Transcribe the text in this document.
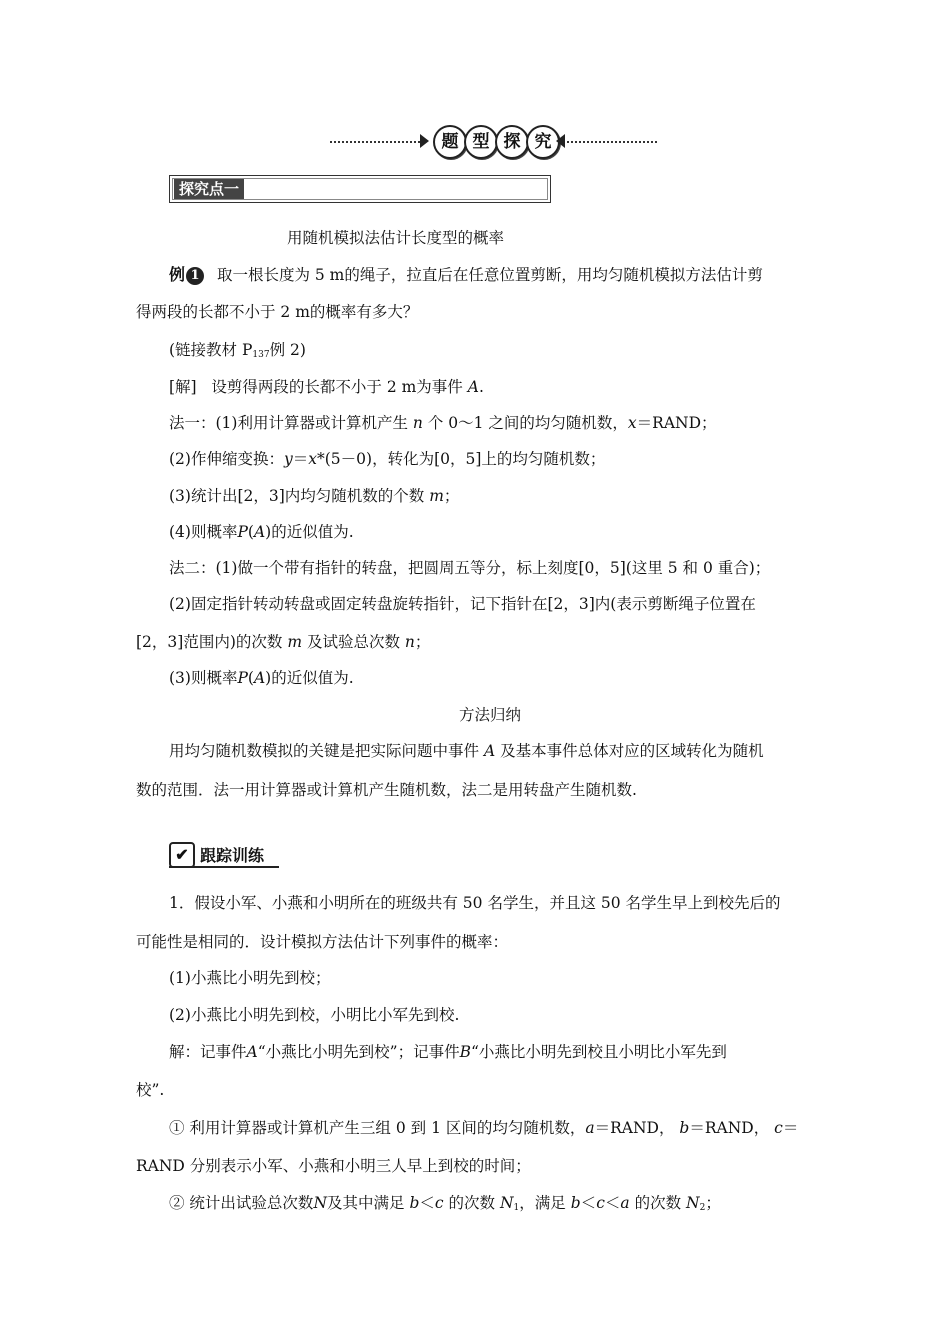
题 型 探 究
探究点一
用随机模拟法估计长度型的概率
例 1 取一根长度为 5 m的绳子，拉直后在任意位置剪断，用均匀随机模拟方法估计剪
得两段的长都不小于 2 m的概率有多大？
(链接教材 $P_{137}$例 2)
[解] 设剪得两段的长都不小于 2 m为事件 A.
法一：(1)利用计算器或计算机产生 n 个 0～1 之间的均匀随机数，x＝RAND；
(2)作伸缩变换：y＝x*(5－0)，转化为[0，5]上的均匀随机数；
(3)统计出[2，3]内均匀随机数的个数 m；
(4)则概率P(A)的近似值为.
法二：(1)做一个带有指针的转盘，把圆周五等分，标上刻度[0，5](这里 5 和 0 重合)；
(2)固定指针转动转盘或固定转盘旋转指针，记下指针在[2，3]内(表示剪断绳子位置在
[2，3]范围内)的次数 m 及试验总次数 n；
(3)则概率P(A)的近似值为.
方法归纳
用均匀随机数模拟的关键是把实际问题中事件 A 及基本事件总体对应的区域转化为随机
数的范围．法一用计算器或计算机产生随机数，法二是用转盘产生随机数.
✔ 跟踪训练
1．假设小军、小燕和小明所在的班级共有 50 名学生，并且这 50 名学生早上到校先后的
可能性是相同的．设计模拟方法估计下列事件的概率：
(1)小燕比小明先到校；
(2)小燕比小明先到校，小明比小军先到校.
解：记事件A“小燕比小明先到校”；记事件B“小燕比小明先到校且小明比小军先到
校”.
① 利用计算器或计算机产生三组 0 到 1 区间的均匀随机数，a＝RAND， b＝RAND， c＝
RAND 分别表示小军、小燕和小明三人早上到校的时间；
② 统计出试验总次数N及其中满足 b＜c 的次数 $N_1$，满足 b＜c＜a 的次数 $N_2$；
